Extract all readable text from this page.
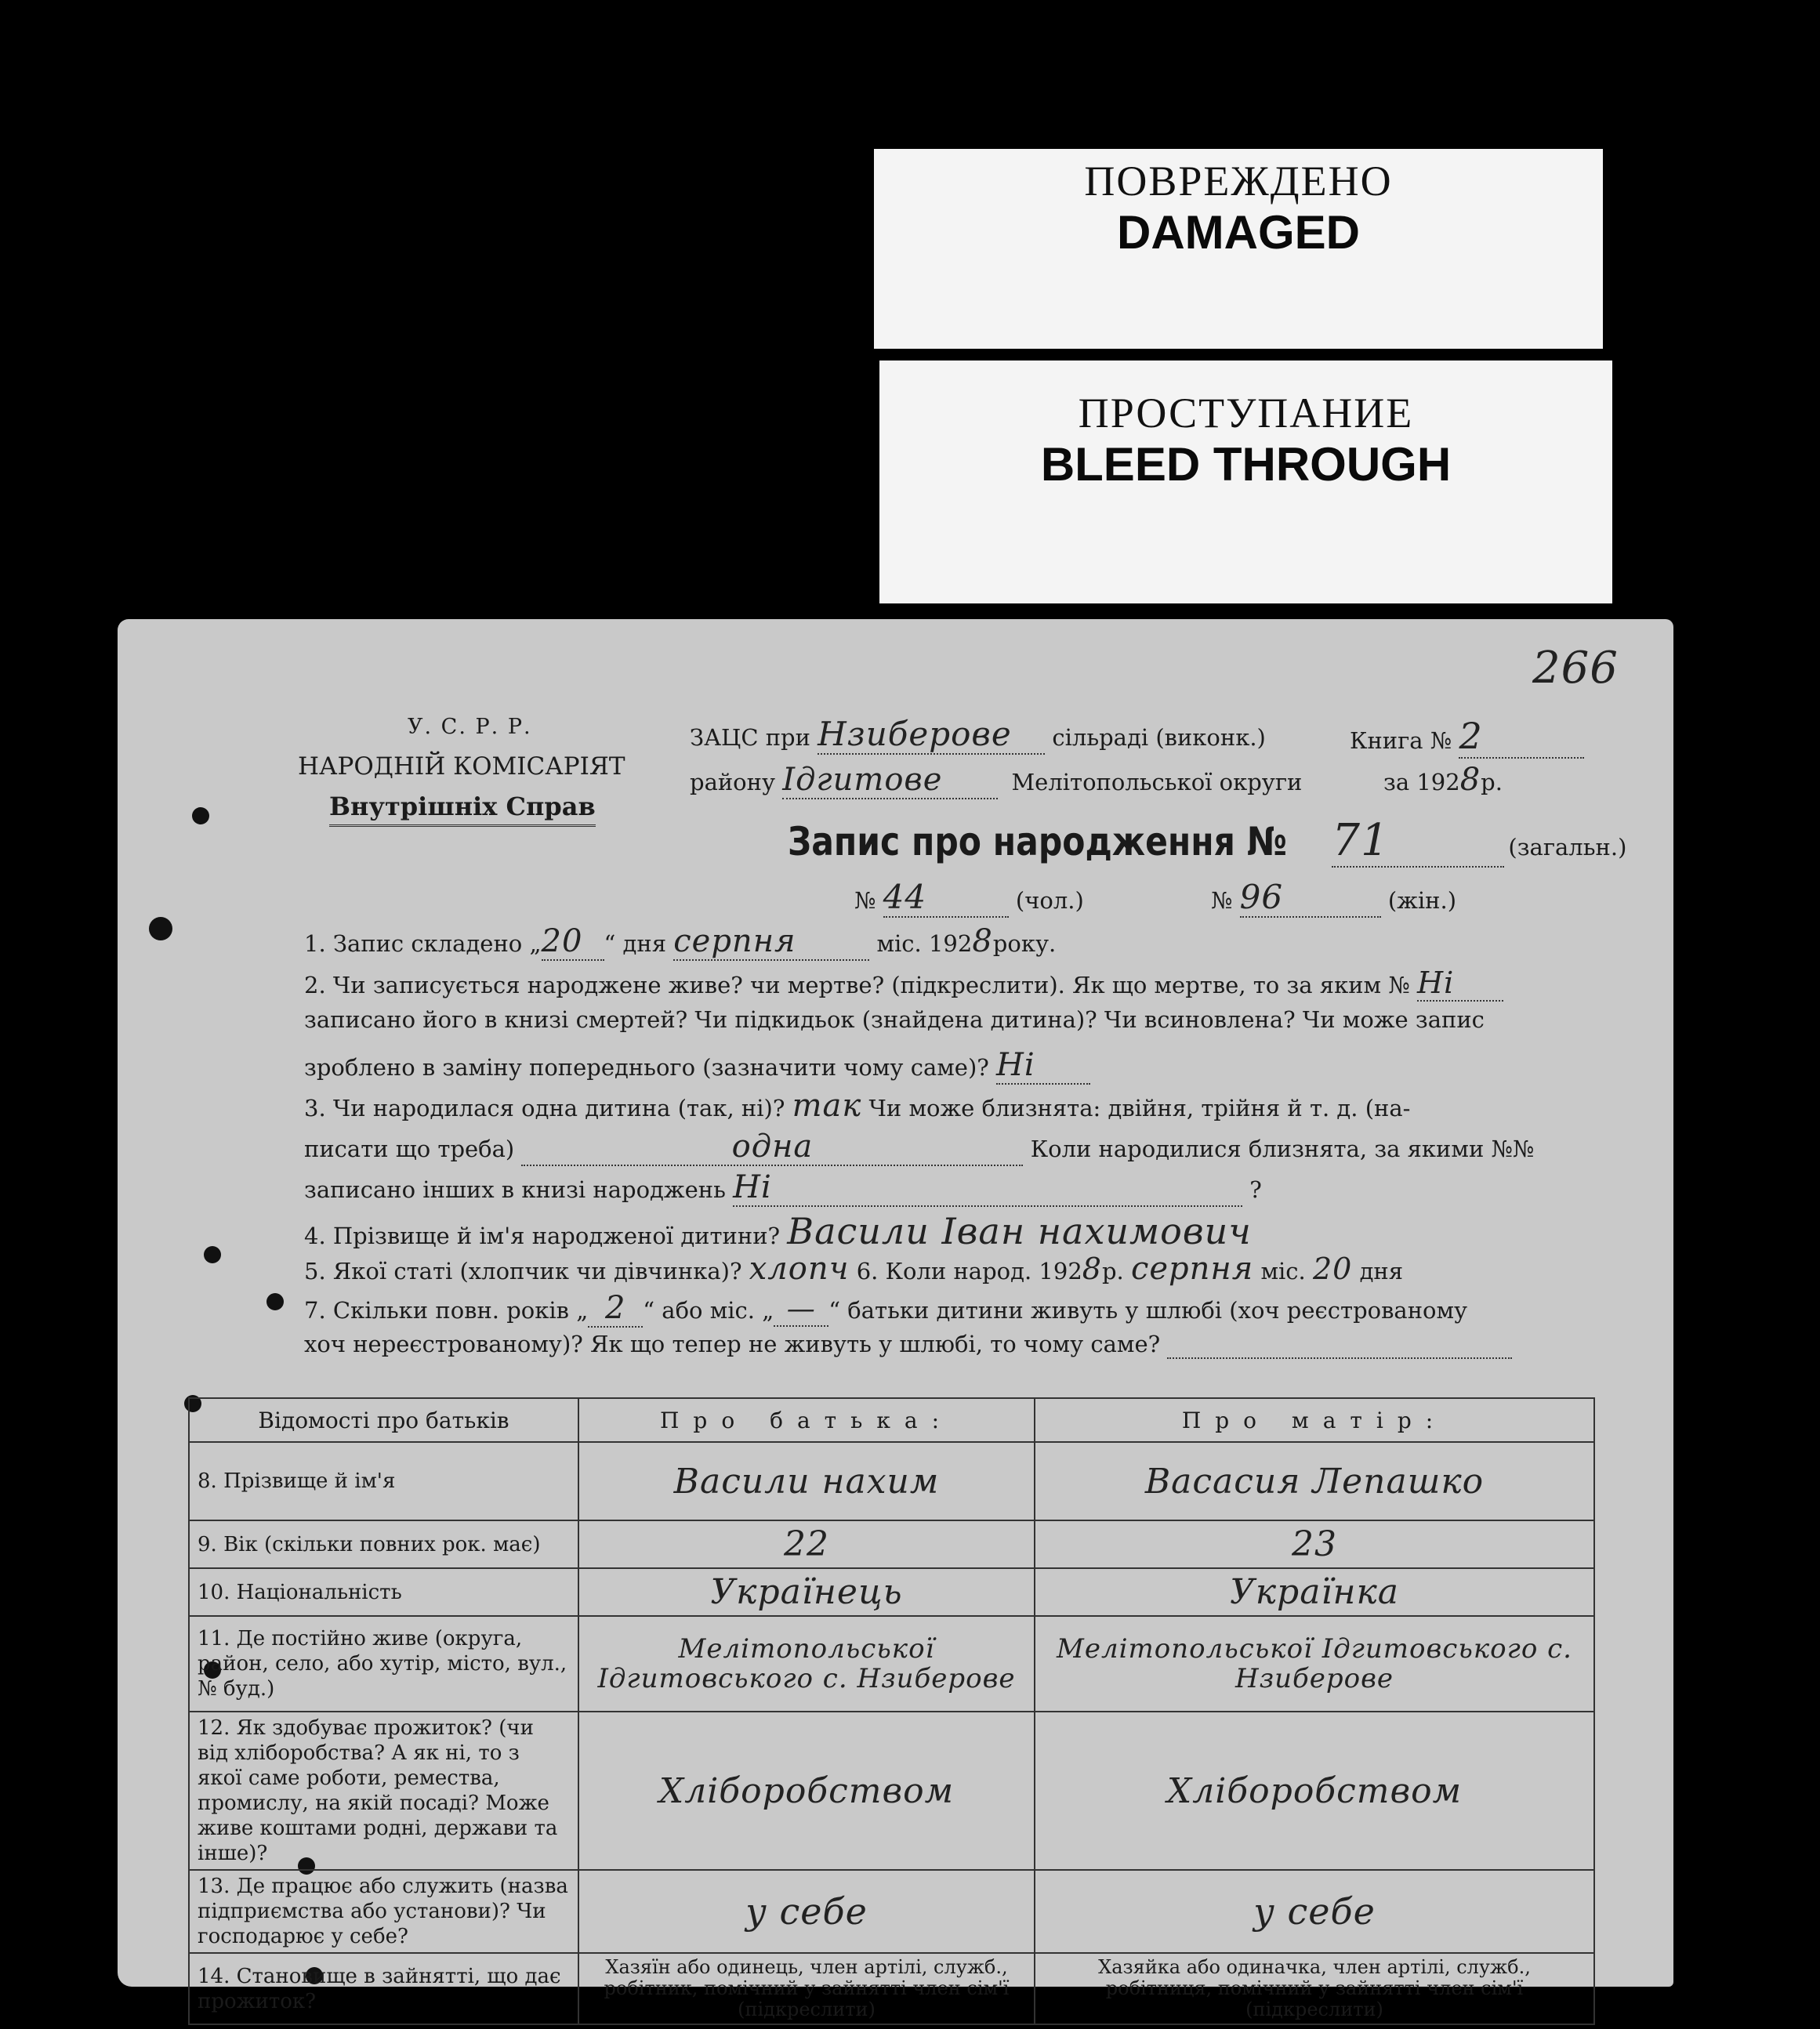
ПОВРЕЖДЕНО
DAMAGED
ПРОСТУПАНИЕ
BLEED THROUGH
266
У. С. Р. Р.
НАРОДНІЙ КОМІСАРІЯТ
Внутрішніх Справ
ЗАЦС при Нзиберове сільраді (виконк.)	Книга № 2
району Ідгитове	Мелітопольської округи	за 1928р.
Запис про народження № 71	(загальн.)
№ 44	(чол.)	№ 96	(жін.)
1. Запис складено „20 “ дня серпня	міс. 1928року.
2. Чи записується народжене живе? чи мертве? (підкреслити). Як що мертве, то за яким № Ні
записано його в книзі смертей? Чи підкидьок (знайдена дитина)? Чи всиновлена? Чи може запис
зроблено в заміну попереднього (зазначити чому саме)? Ні
3. Чи народилася одна дитина (так, ні)? так Чи може близнята: двійня, трійня й т. д. (на-
писати що треба)	одна	Коли народилися близнята, за якими №№
записано інших в книзі народжень Ні	?
4. Прізвище й ім'я народженої дитини? Васили Іван нахимович
5. Якої статі (хлопчик чи дівчинка)? хлопч 6. Коли народ. 1928р. серпня міс. 20 дня
7. Скільки повн. років „ 2 “ або міс. „ — “ батьки дитини живуть у шлюбі (хоч реєстрованому
хоч нереєстрованому)? Як що тепер не живуть у шлюбі, то чому саме?
Відомості про батьків	Про батька:	Про матір:
8. Прізвище й ім'я	Васили нахим	Васасия Лепашко
9. Вік (скільки повних рок. має)	22	23
10. Національність	Українець	Українка
11. Де постійно живе (округа, район, село, або хутір, місто, вул., № буд.)	Мелітопольської Ідгитовського с. Нзиберове	Мелітопольської Ідгитовського с. Нзиберове
12. Як здобуває прожиток? (чи від хліборобства? А як ні, то з якої саме роботи, ремества, промислу, на якій посаді? Може живе коштами родні, держави та інше)?	Хліборобством	Хліборобством
13. Де працює або служить (назва підприємства або установи)? Чи господарює у себе?	у себе	у себе
14. Становище в зайнятті, що дає прожиток?	Хазяїн або одинець, член артілі, служб., робітник, помічний у зайнятті член сім'ї (підкреслити)	Хазяйка або одиначка, член артілі, служб., робітниця, помічний у зайнятті член сім'ї (підкреслити)
